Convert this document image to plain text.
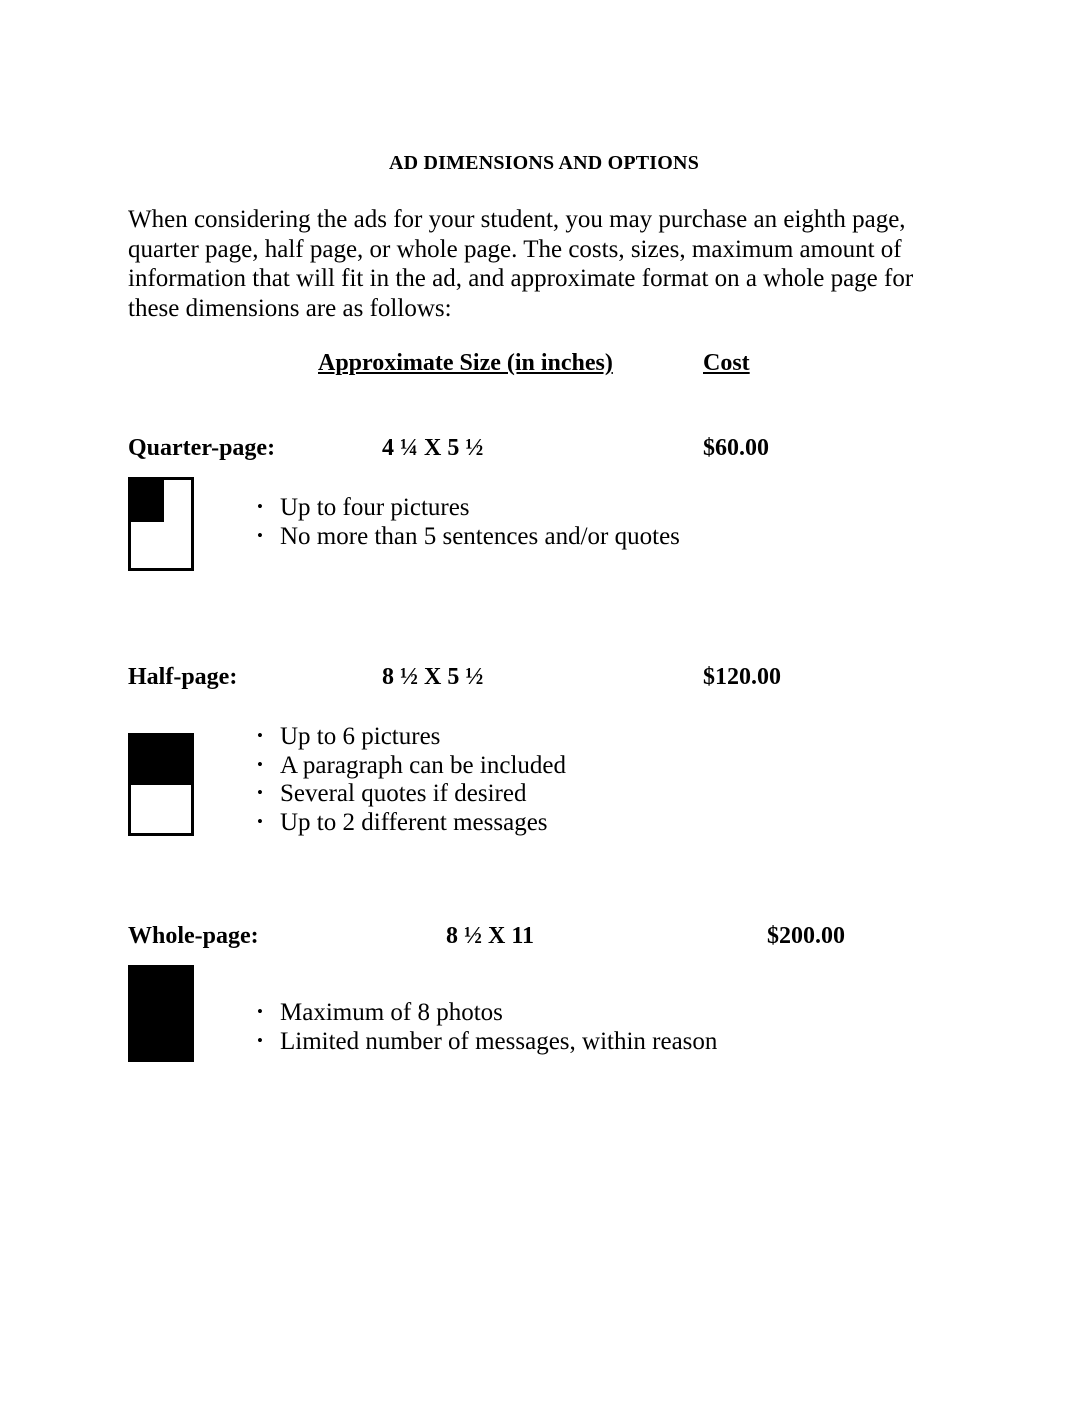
AD DIMENSIONS AND OPTIONS
When considering the ads for your student, you may purchase an eighth page, quarter page, half page, or whole page. The costs, sizes, maximum amount of information that will fit in the ad, and approximate format on a whole page for these dimensions are as follows:
Approximate Size (in inches)	Cost
Quarter-page:	4 ¼ X 5 ½	$60.00
• Up to four pictures
• No more than 5 sentences and/or quotes
Half-page:	8 ½ X 5 ½	$120.00
• Up to 6 pictures
• A paragraph can be included
• Several quotes if desired
• Up to 2 different messages
Whole-page:	8 ½ X 11	$200.00
• Maximum of 8 photos
• Limited number of messages, within reason
